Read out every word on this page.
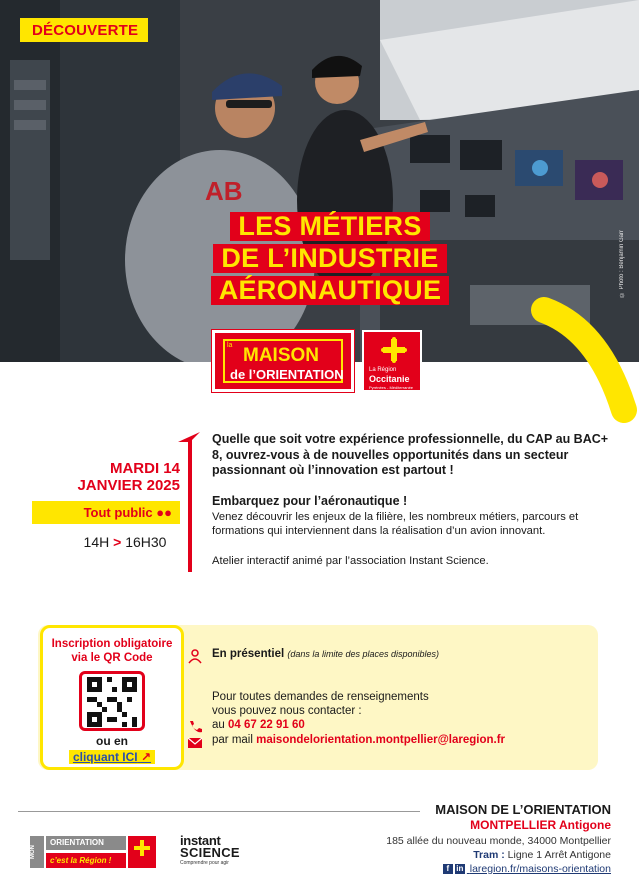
AB
DÉCOUVERTE
LES MÉTIERS
DE L’INDUSTRIE
AÉRONAUTIQUE	© Photo : Benjamin Garr
la MAISON
de l’ORIENTATION	La Région
Occitanie
Pyrénées - Méditerranée
MARDI 14
JANVIER 2025
Tout public ●●
14H > 16H30

Quelle que soit votre expérience professionnelle, du CAP au BAC+ 8, ouvrez-vous à de nouvelles opportunités dans un secteur passionnant où l’innovation est partout !

Embarquez pour l’aéronautique !

Venez découvrir les enjeux de la filière, les nombreux métiers, parcours et formations qui interviennent dans la réalisation d’un avion innovant.

Atelier interactif animé par l’association Instant Science.

Inscription obligatoire via le QR Code
ou en
cliquant ICI ↗
En présentiel (dans la limite des places disponibles)
Pour toutes demandes de renseignements
vous pouvez nous contacter :
au 04 67 22 91 60
par mail maisondelorientation.montpellier@laregion.fr
MAISON DE L’ORIENTATION
MONTPELLIER Antigone
185 allée du nouveau monde, 34000 Montpellier
Tram : Ligne 1 Arrêt Antigone
f in laregion.fr/maisons-orientation
MON
ORIENTATION
c’est la Région !
instant
SCIENCE
Comprendre pour agir
